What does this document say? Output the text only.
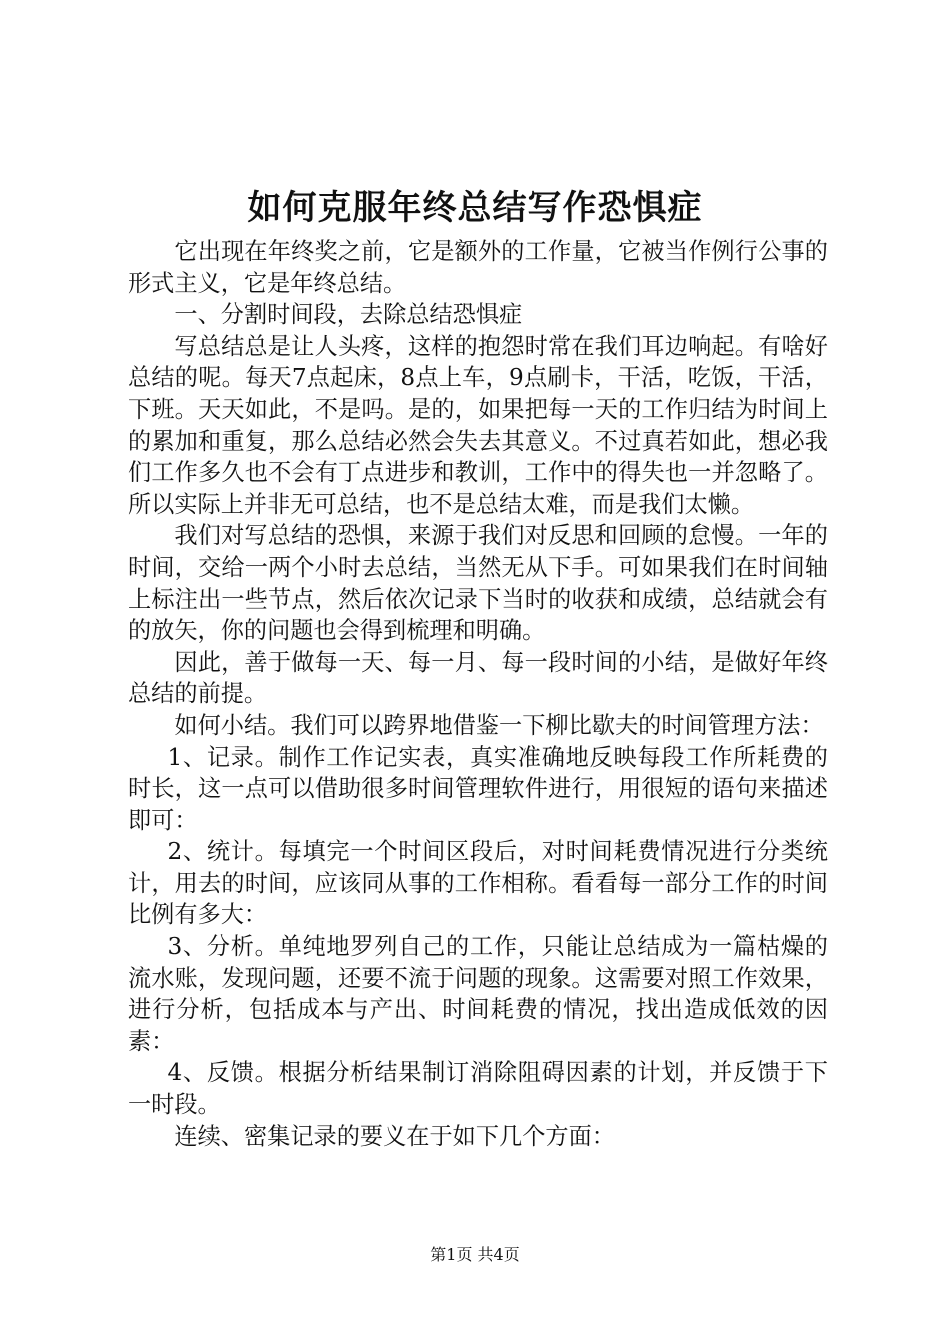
如何克服年终总结写作恐惧症

它出现在年终奖之前，它是额外的工作量，它被当作例行公事的形式主义，它是年终总结。

一、分割时间段，去除总结恐惧症

写总结总是让人头疼，这样的抱怨时常在我们耳边响起。有啥好总结的呢。每天7点起床，8点上车，9点刷卡，干活，吃饭，干活，下班。天天如此，不是吗。是的，如果把每一天的工作归结为时间上的累加和重复，那么总结必然会失去其意义。不过真若如此，想必我们工作多久也不会有丁点进步和教训，工作中的得失也一并忽略了。所以实际上并非无可总结，也不是总结太难，而是我们太懒。

我们对写总结的恐惧，来源于我们对反思和回顾的怠慢。一年的时间，交给一两个小时去总结，当然无从下手。可如果我们在时间轴上标注出一些节点，然后依次记录下当时的收获和成绩，总结就会有的放矢，你的问题也会得到梳理和明确。

因此，善于做每一天、每一月、每一段时间的小结，是做好年终总结的前提。

如何小结。我们可以跨界地借鉴一下柳比歇夫的时间管理方法：

1、记录。制作工作记实表，真实准确地反映每段工作所耗费的时长，这一点可以借助很多时间管理软件进行，用很短的语句来描述即可：

2、统计。每填完一个时间区段后，对时间耗费情况进行分类统计，用去的时间，应该同从事的工作相称。看看每一部分工作的时间比例有多大：

3、分析。单纯地罗列自己的工作，只能让总结成为一篇枯燥的流水账，发现问题，还要不流于问题的现象。这需要对照工作效果，进行分析，包括成本与产出、时间耗费的情况，找出造成低效的因素：

4、反馈。根据分析结果制订消除阻碍因素的计划，并反馈于下一时段。

连续、密集记录的要义在于如下几个方面：

第1页 共4页
